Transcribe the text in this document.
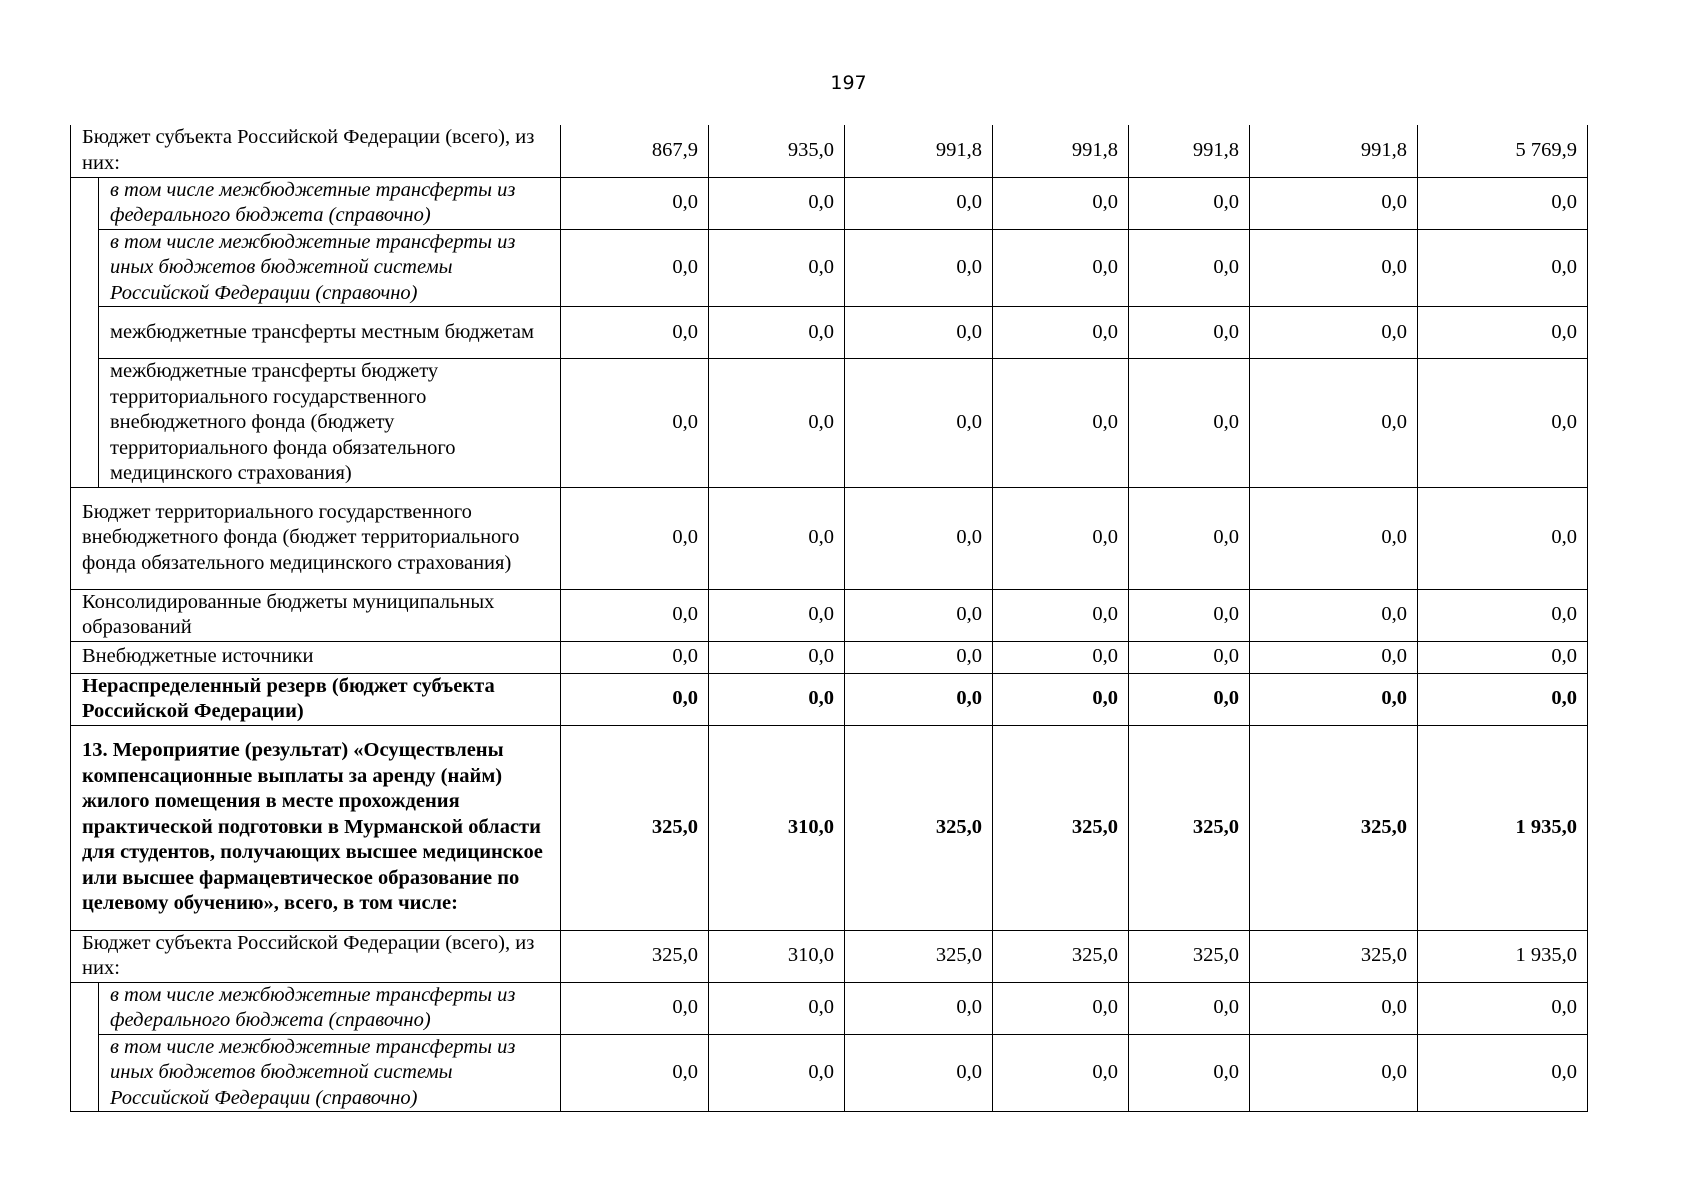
197
Бюджет субъекта Российской Федерации (всего), из них:		867,9	935,0	991,8	991,8	991,8	991,8	5 769,9
	в том числе межбюджетные трансферты из федерального бюджета (справочно)	0,0	0,0	0,0	0,0	0,0	0,0	0,0
	в том числе межбюджетные трансферты из иных бюджетов бюджетной системы Российской Федерации (справочно)	0,0	0,0	0,0	0,0	0,0	0,0	0,0
	межбюджетные трансферты местным бюджетам	0,0	0,0	0,0	0,0	0,0	0,0	0,0
	межбюджетные трансферты бюджету территориального государственного внебюджетного фонда (бюджету территориального фонда обязательного медицинского страхования)	0,0	0,0	0,0	0,0	0,0	0,0	0,0
Бюджет территориального государственного внебюджетного фонда (бюджет территориального фонда обязательного медицинского страхования)		0,0	0,0	0,0	0,0	0,0	0,0	0,0
Консолидированные бюджеты муниципальных образований		0,0	0,0	0,0	0,0	0,0	0,0	0,0
Внебюджетные источники		0,0	0,0	0,0	0,0	0,0	0,0	0,0
Нераспределенный резерв (бюджет субъекта Российской Федерации)		0,0	0,0	0,0	0,0	0,0	0,0	0,0
13. Мероприятие (результат) «Осуществлены компенсационные выплаты за аренду (найм) жилого помещения в месте прохождения практической подготовки в Мурманской области для студентов, получающих высшее медицинское или высшее фармацевтическое образование по целевому обучению», всего, в том числе:		325,0	310,0	325,0	325,0	325,0	325,0	1 935,0
Бюджет субъекта Российской Федерации (всего), из них:		325,0	310,0	325,0	325,0	325,0	325,0	1 935,0
	в том числе межбюджетные трансферты из федерального бюджета (справочно)	0,0	0,0	0,0	0,0	0,0	0,0	0,0
	в том числе межбюджетные трансферты из иных бюджетов бюджетной системы Российской Федерации (справочно)	0,0	0,0	0,0	0,0	0,0	0,0	0,0
